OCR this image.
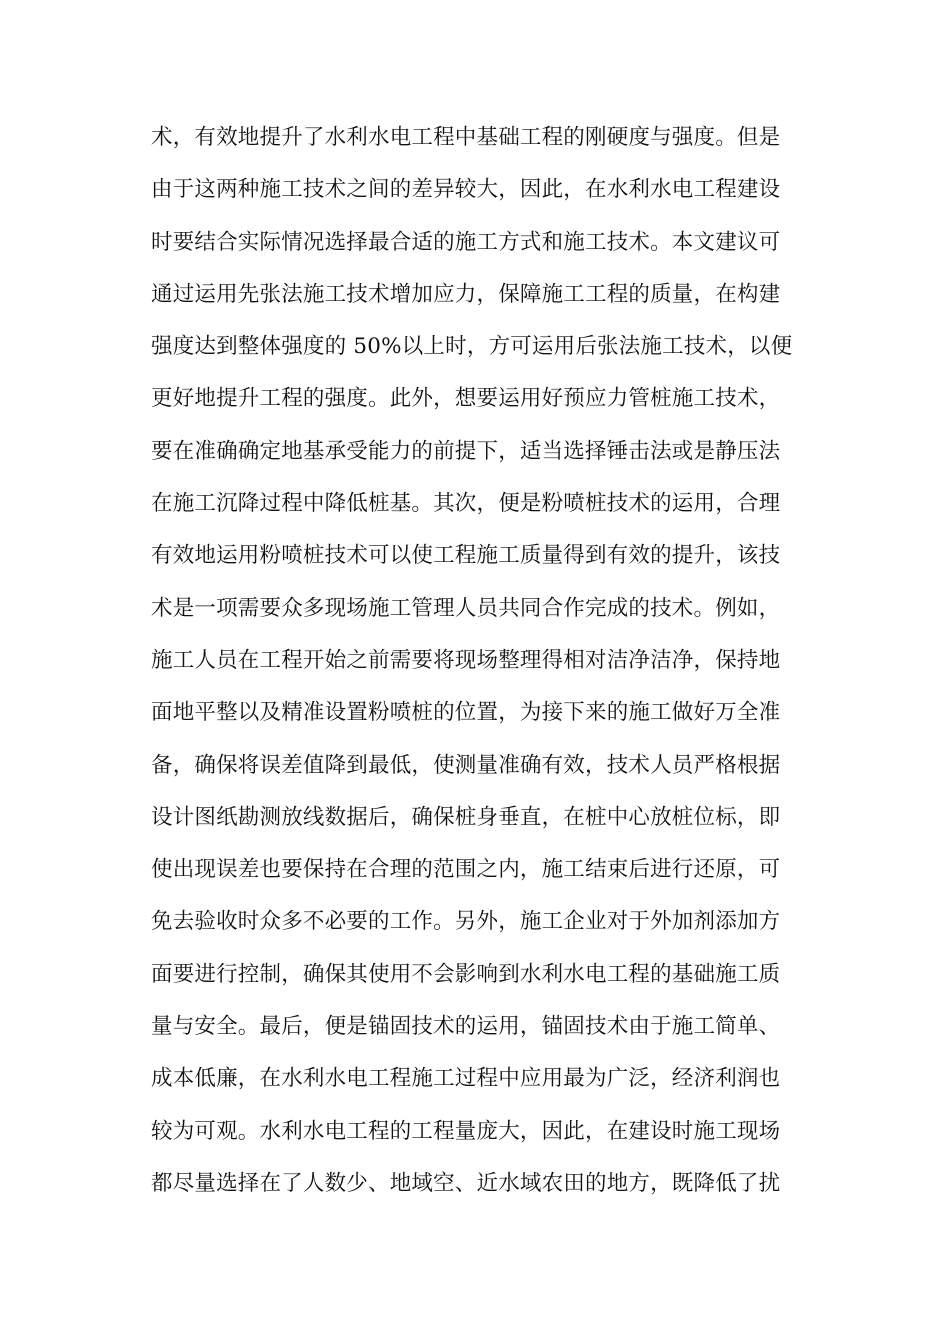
术，有效地提升了水利水电工程中基础工程的刚硬度与强度。但是
由于这两种施工技术之间的差异较大，因此，在水利水电工程建设
时要结合实际情况选择最合适的施工方式和施工技术。本文建议可
通过运用先张法施工技术增加应力，保障施工工程的质量，在构建
强度达到整体强度的 50%以上时，方可运用后张法施工技术，以便
更好地提升工程的强度。此外，想要运用好预应力管桩施工技术，
要在准确确定地基承受能力的前提下，适当选择锤击法或是静压法
在施工沉降过程中降低桩基。其次，便是粉喷桩技术的运用，合理
有效地运用粉喷桩技术可以使工程施工质量得到有效的提升，该技
术是一项需要众多现场施工管理人员共同合作完成的技术。例如，
施工人员在工程开始之前需要将现场整理得相对洁净洁净，保持地
面地平整以及精准设置粉喷桩的位置，为接下来的施工做好万全准
备，确保将误差值降到最低，使测量准确有效，技术人员严格根据
设计图纸勘测放线数据后，确保桩身垂直，在桩中心放桩位标，即
使出现误差也要保持在合理的范围之内，施工结束后进行还原，可
免去验收时众多不必要的工作。另外，施工企业对于外加剂添加方
面要进行控制，确保其使用不会影响到水利水电工程的基础施工质
量与安全。最后，便是锚固技术的运用，锚固技术由于施工简单、
成本低廉，在水利水电工程施工过程中应用最为广泛，经济利润也
较为可观。水利水电工程的工程量庞大，因此，在建设时施工现场
都尽量选择在了人数少、地域空、近水域农田的地方，既降低了扰
